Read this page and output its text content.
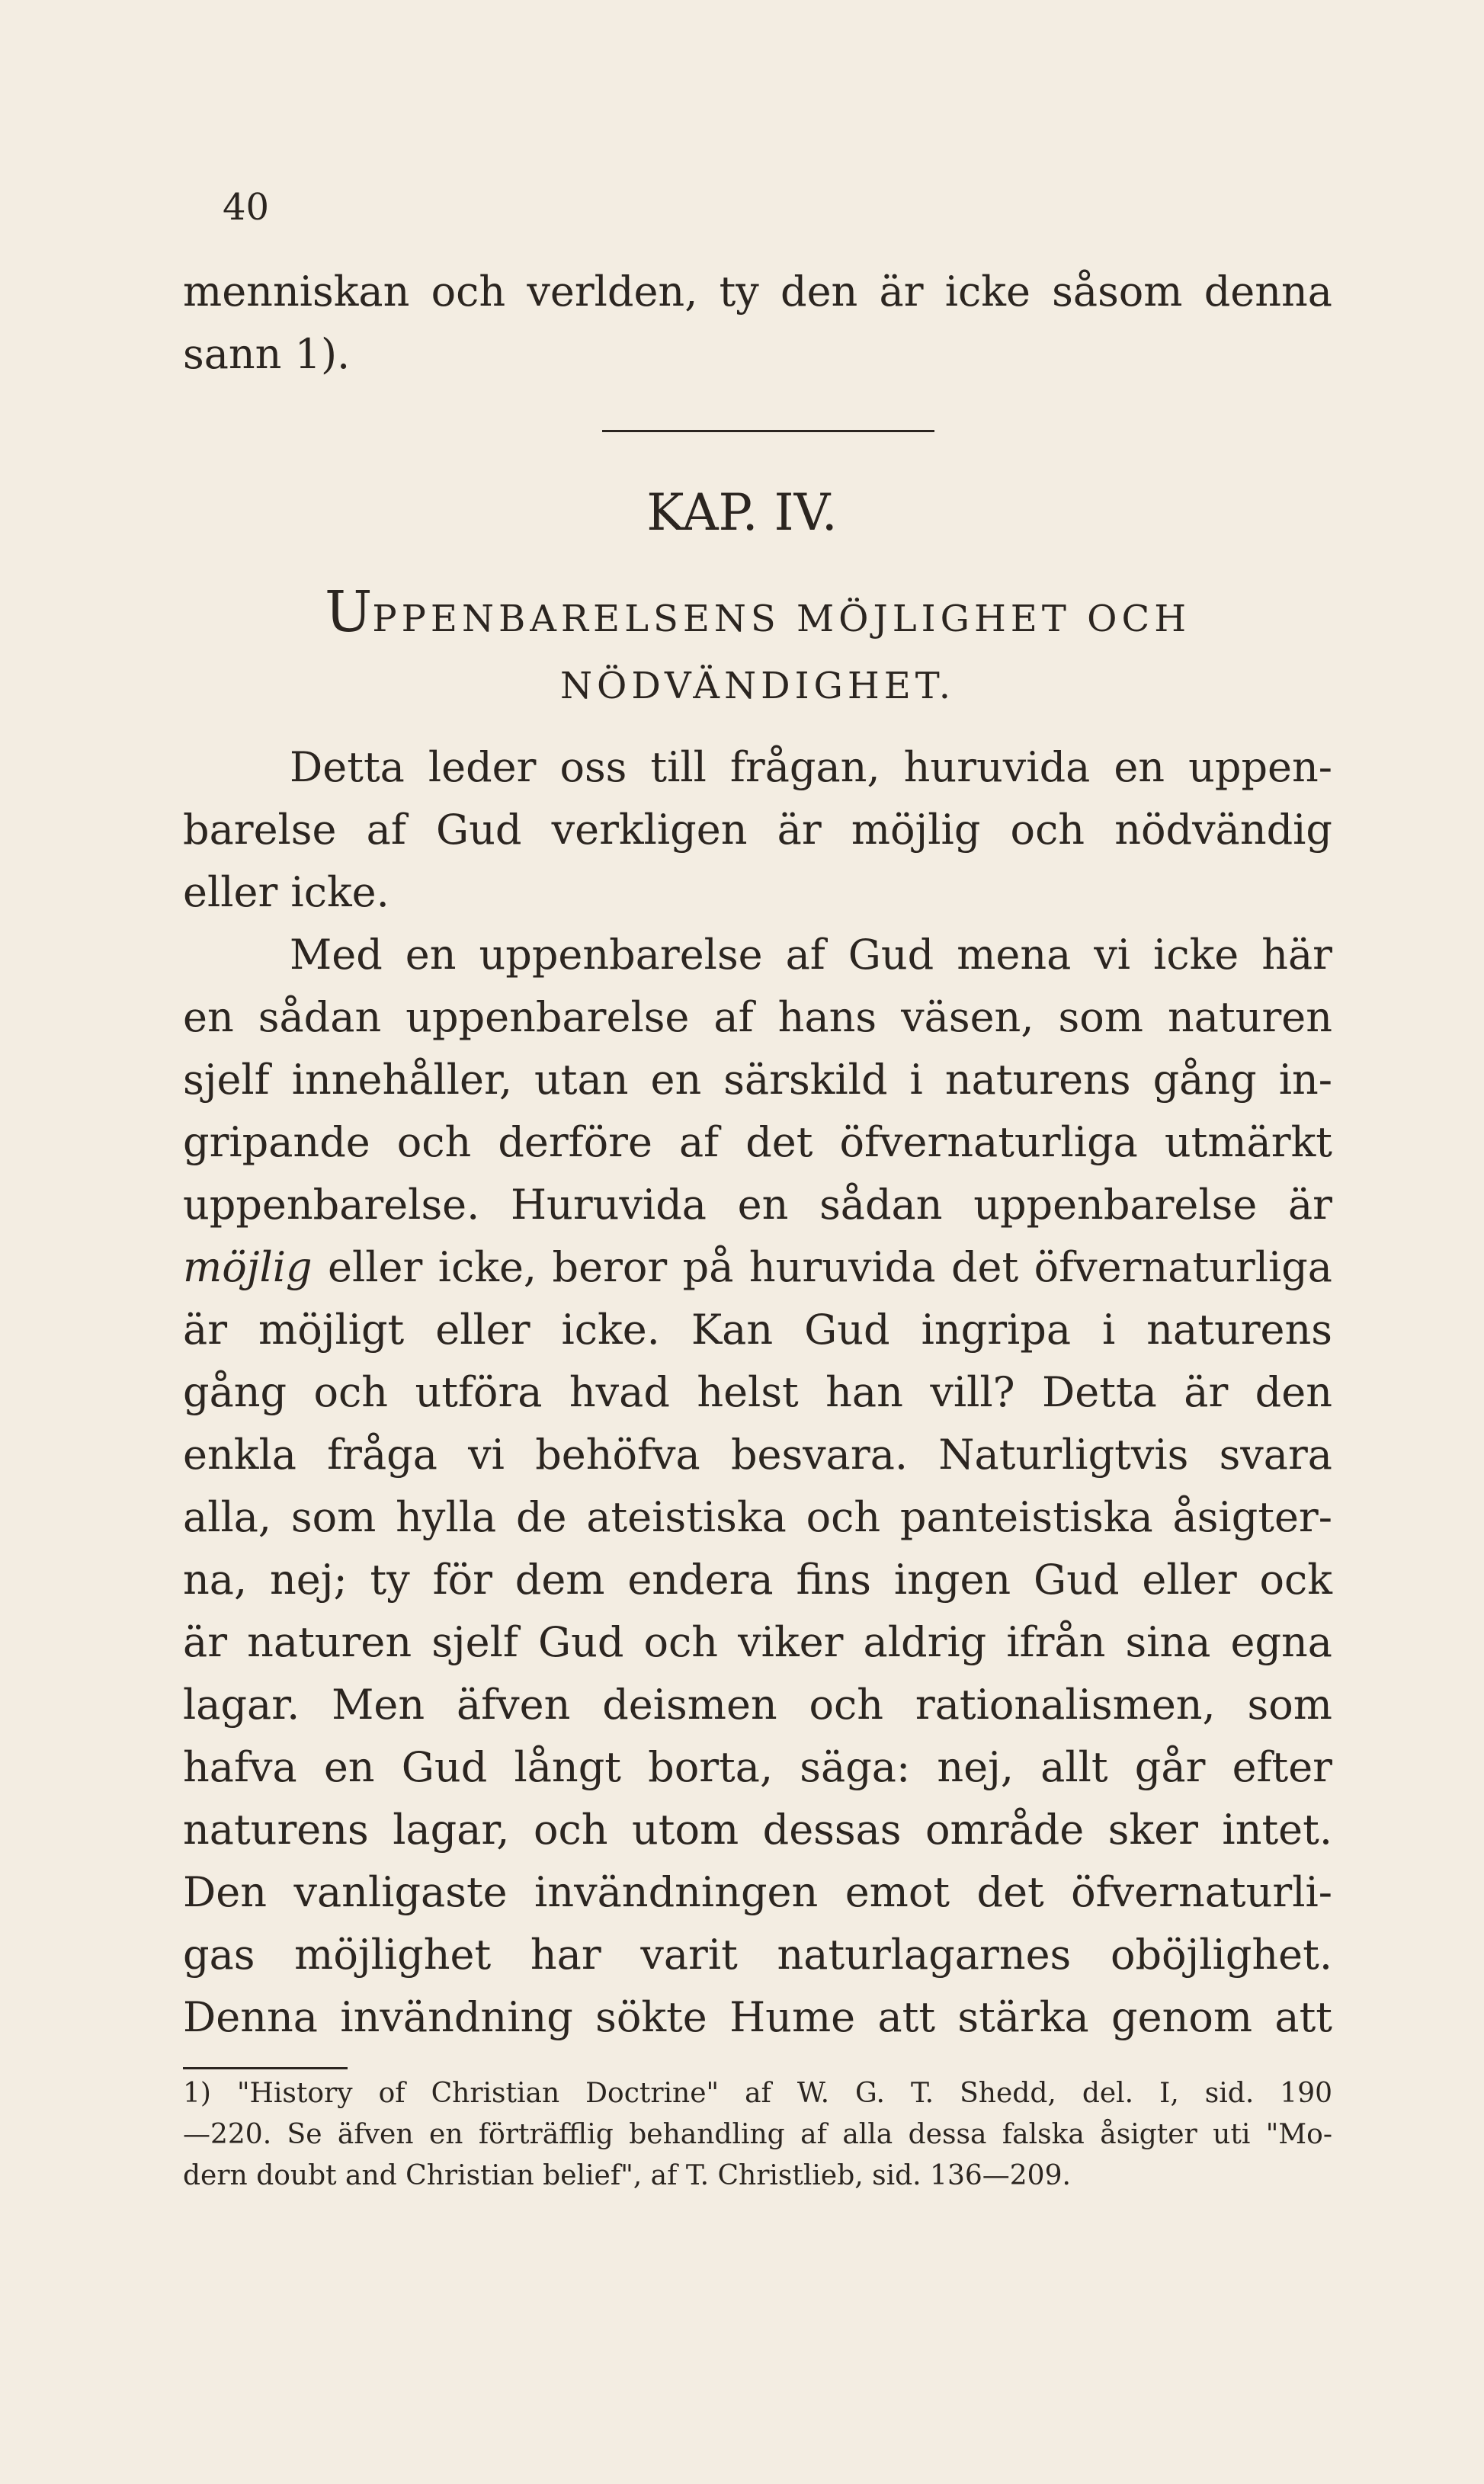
40
menniskan och verlden, ty den är icke såsom denna
sann 1).
KAP. IV.
UPPENBARELSENS MÖJLIGHET OCH
NÖDVÄNDIGHET.
Detta leder oss till frågan, huruvida en uppen-
barelse af Gud verkligen är möjlig och nödvändig
eller icke.
Med en uppenbarelse af Gud mena vi icke här
en sådan uppenbarelse af hans väsen, som naturen
sjelf innehåller, utan en särskild i naturens gång in-
gripande och derföre af det öfvernaturliga utmärkt
uppenbarelse. Huruvida en sådan uppenbarelse är
möjlig eller icke, beror på huruvida det öfvernaturliga
är möjligt eller icke. Kan Gud ingripa i naturens
gång och utföra hvad helst han vill? Detta är den
enkla fråga vi behöfva besvara. Naturligtvis svara
alla, som hylla de ateistiska och panteistiska åsigter-
na, nej; ty för dem endera fins ingen Gud eller ock
är naturen sjelf Gud och viker aldrig ifrån sina egna
lagar. Men äfven deismen och rationalismen, som
hafva en Gud långt borta, säga: nej, allt går efter
naturens lagar, och utom dessas område sker intet.
Den vanligaste invändningen emot det öfvernaturli-
gas möjlighet har varit naturlagarnes oböjlighet.
Denna invändning sökte Hume att stärka genom att
1) "History of Christian Doctrine" af W. G. T. Shedd, del. I, sid. 190
—220. Se äfven en förträfflig behandling af alla dessa falska åsigter uti "Mo-
dern doubt and Christian belief", af T. Christlieb, sid. 136—209.
